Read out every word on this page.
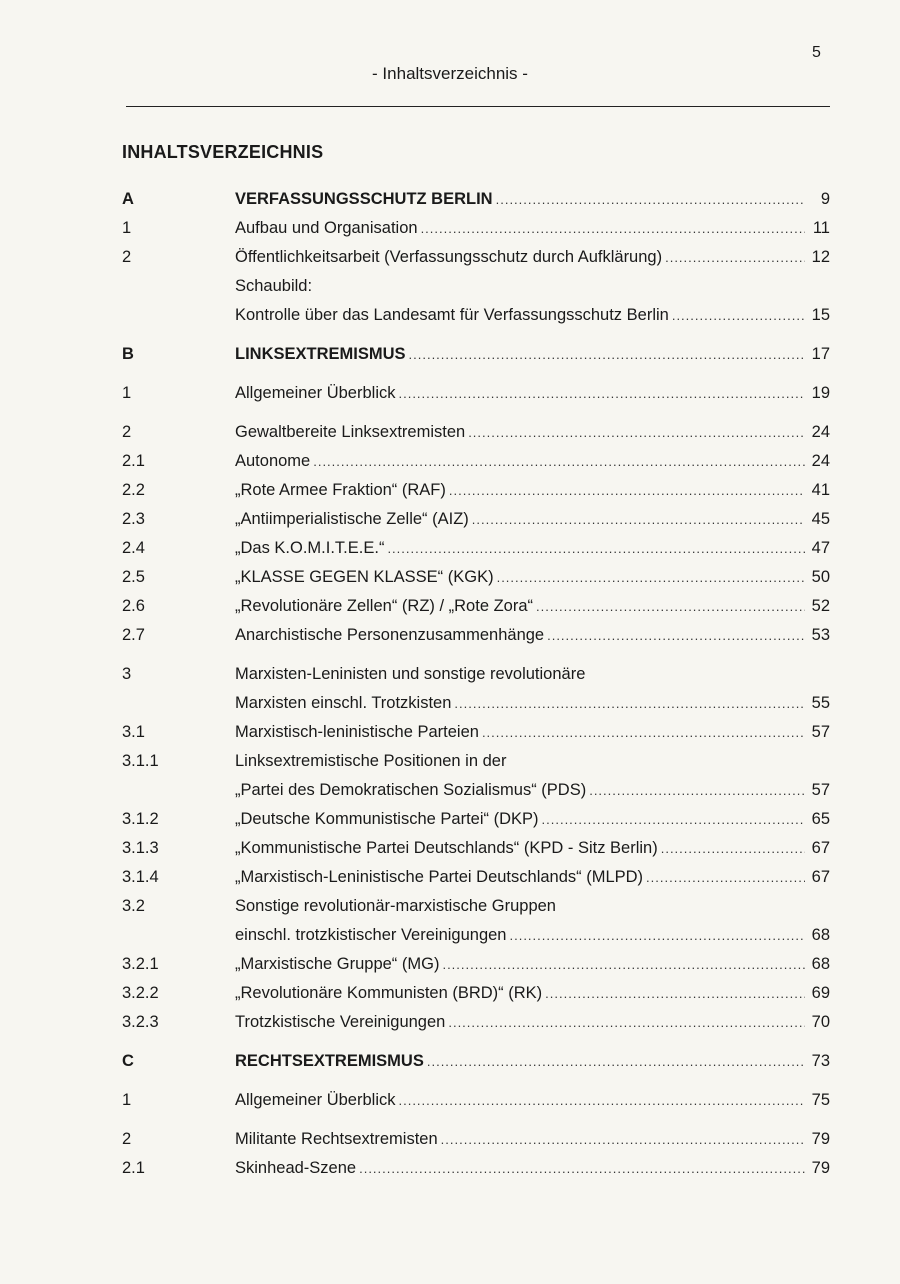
5
- Inhaltsverzeichnis -
INHALTSVERZEICHNIS
A	VERFASSUNGSSCHUTZ BERLIN .....	9
1	Aufbau und Organisation .....	11
2	Öffentlichkeitsarbeit (Verfassungsschutz durch Aufklärung) .....	12
Schaubild:
Kontrolle über das Landesamt für Verfassungsschutz Berlin .....	15
B	LINKSEXTREMISMUS .....	17
1	Allgemeiner Überblick .....	19
2	Gewaltbereite Linksextremisten .....	24
2.1	Autonome .....	24
2.2	„Rote Armee Fraktion“ (RAF) .....	41
2.3	„Antiimperialistische Zelle“ (AIZ) .....	45
2.4	„Das K.O.M.I.T.E.E.“ .....	47
2.5	„KLASSE GEGEN KLASSE“ (KGK) .....	50
2.6	„Revolutionäre Zellen“ (RZ) / „Rote Zora“ .....	52
2.7	Anarchistische Personenzusammenhänge .....	53
3	Marxisten-Leninisten und sonstige revolutionäre
Marxisten einschl. Trotzkisten .....	55
3.1	Marxistisch-leninistische Parteien .....	57
3.1.1	Linksextremistische Positionen in der
„Partei des Demokratischen Sozialismus“ (PDS) .....	57
3.1.2	„Deutsche Kommunistische Partei“ (DKP) .....	65
3.1.3	„Kommunistische Partei Deutschlands“ (KPD - Sitz Berlin) .....	67
3.1.4	„Marxistisch-Leninistische Partei Deutschlands“ (MLPD) .....	67
3.2	Sonstige revolutionär-marxistische Gruppen
einschl. trotzkistischer Vereinigungen .....	68
3.2.1	„Marxistische Gruppe“ (MG) .....	68
3.2.2	„Revolutionäre Kommunisten (BRD)“ (RK) .....	69
3.2.3	Trotzkistische Vereinigungen .....	70
C	RECHTSEXTREMISMUS .....	73
1	Allgemeiner Überblick .....	75
2	Militante Rechtsextremisten .....	79
2.1	Skinhead-Szene .....	79
